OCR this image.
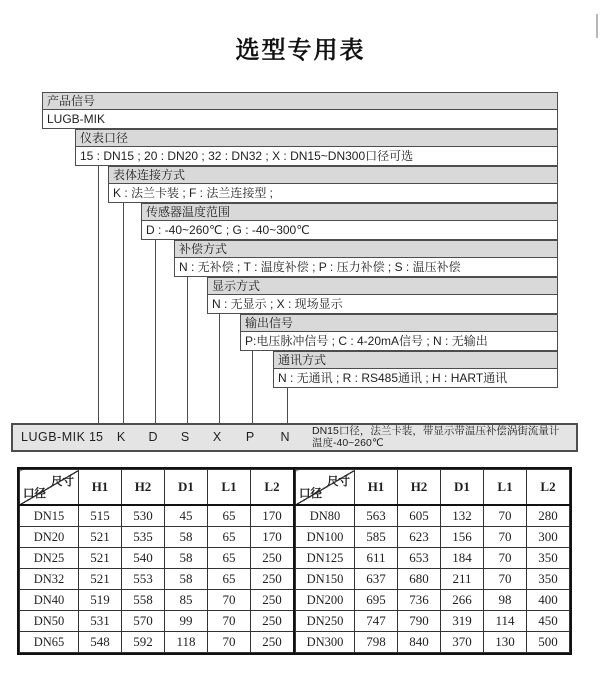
选型专用表
产品信号
LUGB-MIK
仪表口径
15 : DN15 ; 20 : DN20 ; 32 : DN32 ; X : DN15~DN300口径可选
表体连接方式
K : 法兰卡装 ; F : 法兰连接型 ;
传感器温度范围
D : -40~260℃ ; G : -40~300℃
补偿方式
N : 无补偿 ; T : 温度补偿 ; P : 压力补偿 ; S : 温压补偿
显示方式
N : 无显示 ; X : 现场显示
输出信号
P:电压脉冲信号 ; C : 4-20mA信号 ; N : 无输出
通讯方式
N : 无通讯 ; R : RS485通讯 ; H : HART通讯
LUGB-MIK 15	K	D	S	X	P	N	DN15口径，法兰卡装，带显示带温压补偿涡街流量计
温度-40~260℃
尺寸
口径	H1	H2	D1	L1	L2
DN15	515	530	45	65	170
DN20	521	535	58	65	170
DN25	521	540	58	65	250
DN32	521	553	58	65	250
DN40	519	558	85	70	250
DN50	531	570	99	70	250
DN65	548	592	118	70	250
尺寸
口径	H1	H2	D1	L1	L2
DN80	563	605	132	70	280
DN100	585	623	156	70	300
DN125	611	653	184	70	350
DN150	637	680	211	70	350
DN200	695	736	266	98	400
DN250	747	790	319	114	450
DN300	798	840	370	130	500
